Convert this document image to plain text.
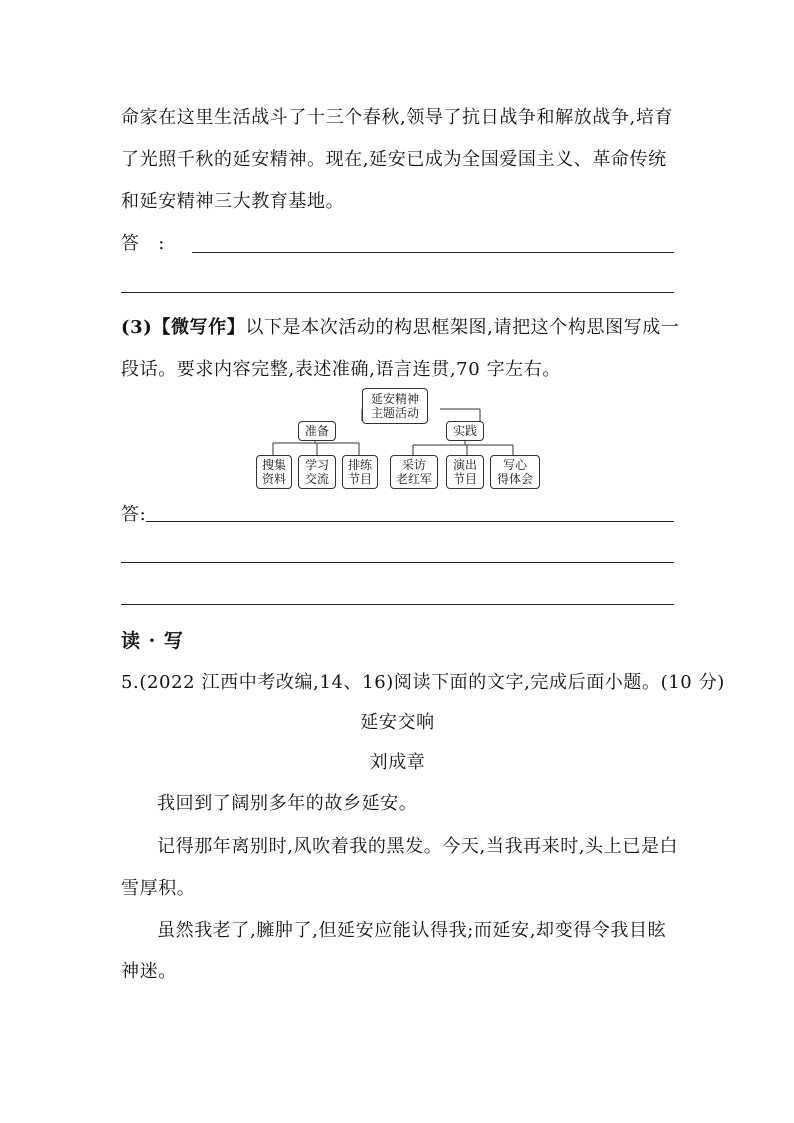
命家在这里生活战斗了十三个春秋,领导了抗日战争和解放战争,培育
了光照千秋的延安精神。现在,延安已成为全国爱国主义、革命传统
和延安精神三大教育基地。
答　:
(3)【微写作】以下是本次活动的构思框架图,请把这个构思图写成一
段话。要求内容完整,表述准确,语言连贯,70 字左右。
延安精神
主题活动
准备	实践
搜集
资料
学习
交流
排练
节目
采访
老红军
演出
节目
写心
得体会
答:
读 · 写
5.(2022 江西中考改编,14、16)阅读下面的文字,完成后面小题。(10 分)
延安交响
刘成章
我回到了阔别多年的故乡延安。
记得那年离别时,风吹着我的黑发。今天,当我再来时,头上已是白
雪厚积。
虽然我老了,臃肿了,但延安应能认得我;而延安,却变得令我目眩
神迷。
